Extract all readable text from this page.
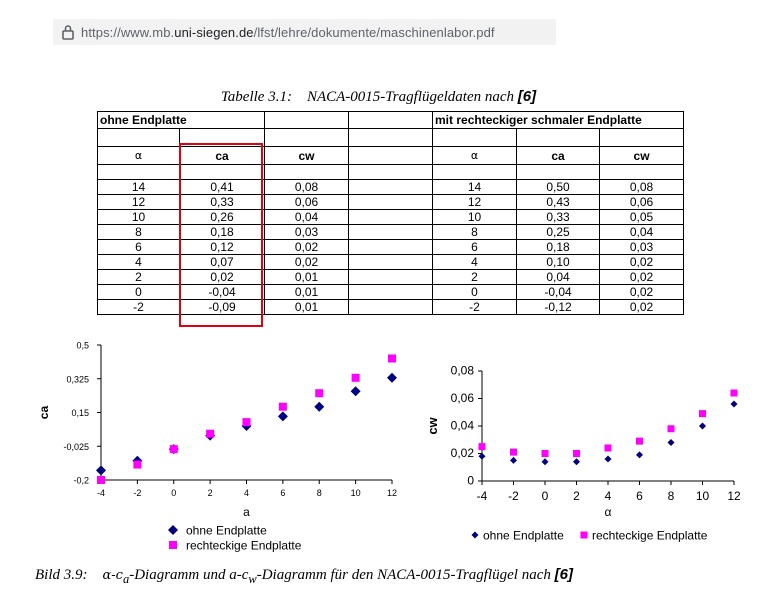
https://www.mb.uni-siegen.de/lfst/lehre/dokumente/maschinenlabor.pdf
Tabelle 3.1: NACA-0015-Tragflügeldaten nach [6]
ohne Endplatte				mit rechteckiger schmaler Endplatte		

α	ca	cw		α	ca	cw

14	0,41	0,08		14	0,50	0,08
12	0,33	0,06		12	0,43	0,06
10	0,26	0,04		10	0,33	0,05
8	0,18	0,03		8	0,25	0,04
6	0,12	0,02		6	0,18	0,03
4	0,07	0,02		4	0,10	0,02
2	0,02	0,01		2	0,04	0,02
0	-0,04	0,01		0	-0,04	0,02
-2	-0,09	0,01		-2	-0,12	0,02
0,5
0,325
0,15
-0,025
-0,2
-4	-2	0	2	4	6	8	10	12
a
ca
ohne Endplatte
rechteckige Endplatte
0,08
0,06
0,04
0,02
0
-4 -2 0 2 4 6 8 10 12
α
cw
ohne Endplatte rechteckige Endplatte
Bild 3.9: $\alpha-c_a$-Diagramm und $a-c_w$-Diagramm für den NACA-0015-Tragflügel nach [6]
